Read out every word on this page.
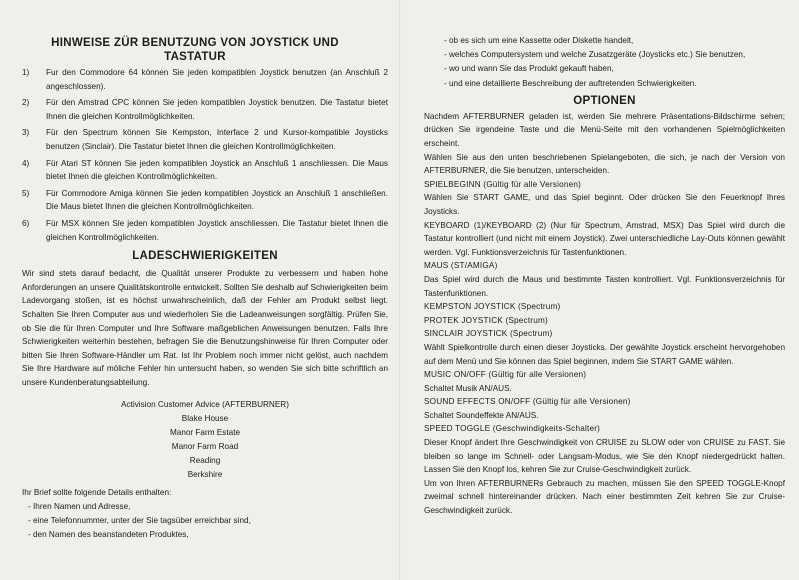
HINWEISE ZÜR BENUTZUNG VON JOYSTICK UND TASTATUR
1) Fur den Commodore 64 können Sie jeden kompatiblen Joystick benutzen (an Anschluß 2 angeschlossen).
2) Für den Amstrad CPC können Sie jeden kompatiblen Joystick benutzen. Die Tastatur bietet Ihnen die gleichen Kontrollmöglichkeiten.
3) Für den Spectrum können Sie Kempston, Interface 2 und Kursor-kompatible Joysticks benutzen (Sinclair). Die Tastatur bietet Ihnen die gleichen Kontrollmöglichkeiten.
4) Für Atari ST können Sie jeden kompatiblen Joystick an Anschluß 1 anschliessen. Die Maus bietet Ihnen die gleichen Kontrollmöglichkeiten.
5) Für Commodore Amiga können Sie jeden kompatiblen Joystick an Anschluß 1 anschließen. Die Maus bietet Ihnen die gleichen Kontrollmöglichkeiten.
6) Für MSX können Sie jeden kompatiblen Joystick anschliessen. Die Tastatur bietet Ihnen die gleichen Kontrollmöglichkeiten.
LADESCHWIERIGKEITEN

Wir sind stets darauf bedacht, die Qualität unserer Produkte zu verbessern und haben hohe Anforderungen an unsere Qualitätskontrolle entwickelt. Sollten Sie deshalb auf Schwierigkeiten beim Ladevorgang stoßen, ist es höchst unwahrscheinlich, daß der Fehler am Produkt selbst liegt. Schalten Sie Ihren Computer aus und wiederholen Sie die Ladeanweisungen sorgfältig. Prüfen Sie, ob Sie die für Ihren Computer und Ihre Software maßgeblichen Anweisungen benutzen. Falls Ihre Schwierigkeiten weiterhin bestehen, befragen Sie die Benutzungshinweise für Ihren Computer oder bitten Sie Ihren Software-Händler um Rat. Ist Ihr Problem noch immer nicht gelöst, auch nachdem Sie Ihre Hardware auf möliche Fehler hin untersucht haben, so wenden Sie sich bitte schriftlich an unsere Kundenberatungsabteilung.

Activision Customer Advice (AFTERBURNER)
Blake House
Manor Farm Estate
Manor Farm Road
Reading
Berkshire
Ihr Brief sollte folgende Details enthalten:
- Ihren Namen und Adresse,
- eine Telefonnummer, unter der Sie tagsüber erreichbar sind,
- den Namen des beanstandeten Produktes,
- ob es sich um eine Kassette oder Diskette handelt,
- welches Computersystem und welche Zusatzgeräte (Joysticks etc.) Sie benutzen,
- wo und wann Sie das Produkt gekauft haben,
- und eine detaillierte Beschreibung der auftretenden Schwierigkeiten.
OPTIONEN

Nachdem AFTERBURNER geladen ist, werden Sie mehrere Präsentations-Bildschirme sehen; drücken Sie irgendeine Taste und die Menü-Seite mit den vorhandenen Spielmöglichkeiten erscheint.

Wählen Sie aus den unten beschriebenen Spielangeboten, die sich, je nach der Version von AFTERBURNER, die Sie benutzen, unterscheiden.

SPIELBEGINN (Gültig für alle Versionen)

Wählen Sie START GAME, und das Spiel beginnt. Oder drücken Sie den Feuerknopf Ihres Joysticks.

KEYBOARD (1)/KEYBOARD (2) (Nur für Spectrum, Amstrad, MSX) Das Spiel wird durch die Tastatur kontrolliert (und nicht mit einem Joystick). Zwei unterschiedliche Lay-Outs können gewählt werden. Vgl. Funktionsverzeichnis für Tastenfunktionen.

MAUS (ST/AMIGA)

Das Spiel wird durch die Maus und bestimmte Tasten kontrolliert. Vgl. Funktionsverzeichnis für Tastenfunktionen.

KEMPSTON JOYSTICK (Spectrum)

PROTEK JOYSTICK (Spectrum)

SINCLAIR JOYSTICK (Spectrum)

Wählt Spielkontrolle durch einen dieser Joysticks. Der gewählte Joystick erscheint hervorgehoben auf dem Menü und Sie können das Spiel beginnen, indem Sie START GAME wählen.

MUSIC ON/OFF (Gültig für alle Versionen)

Schaltet Musik AN/AUS.

SOUND EFFECTS ON/OFF (Gültig für alle Versionen)

Schaltet Soundeffekte AN/AUS.

SPEED TOGGLE (Geschwindigkeits-Schalter)

Dieser Knopf ändert Ihre Geschwindigkeit von CRUISE zu SLOW oder von CRUISE zu FAST. Sie bleiben so lange im Schnell- oder Langsam-Modus, wie Sie den Knopf niedergedrückt halten. Lassen Sie den Knopf los, kehren Sie zur Cruise-Geschwindigkeit zurück.

Um von Ihren AFTERBURNERs Gebrauch zu machen, müssen Sie den SPEED TOGGLE-Knopf zweimal schnell hintereinander drücken. Nach einer bestimmten Zeit kehren Sie zur Cruise-Geschwindigkeit zurück.
